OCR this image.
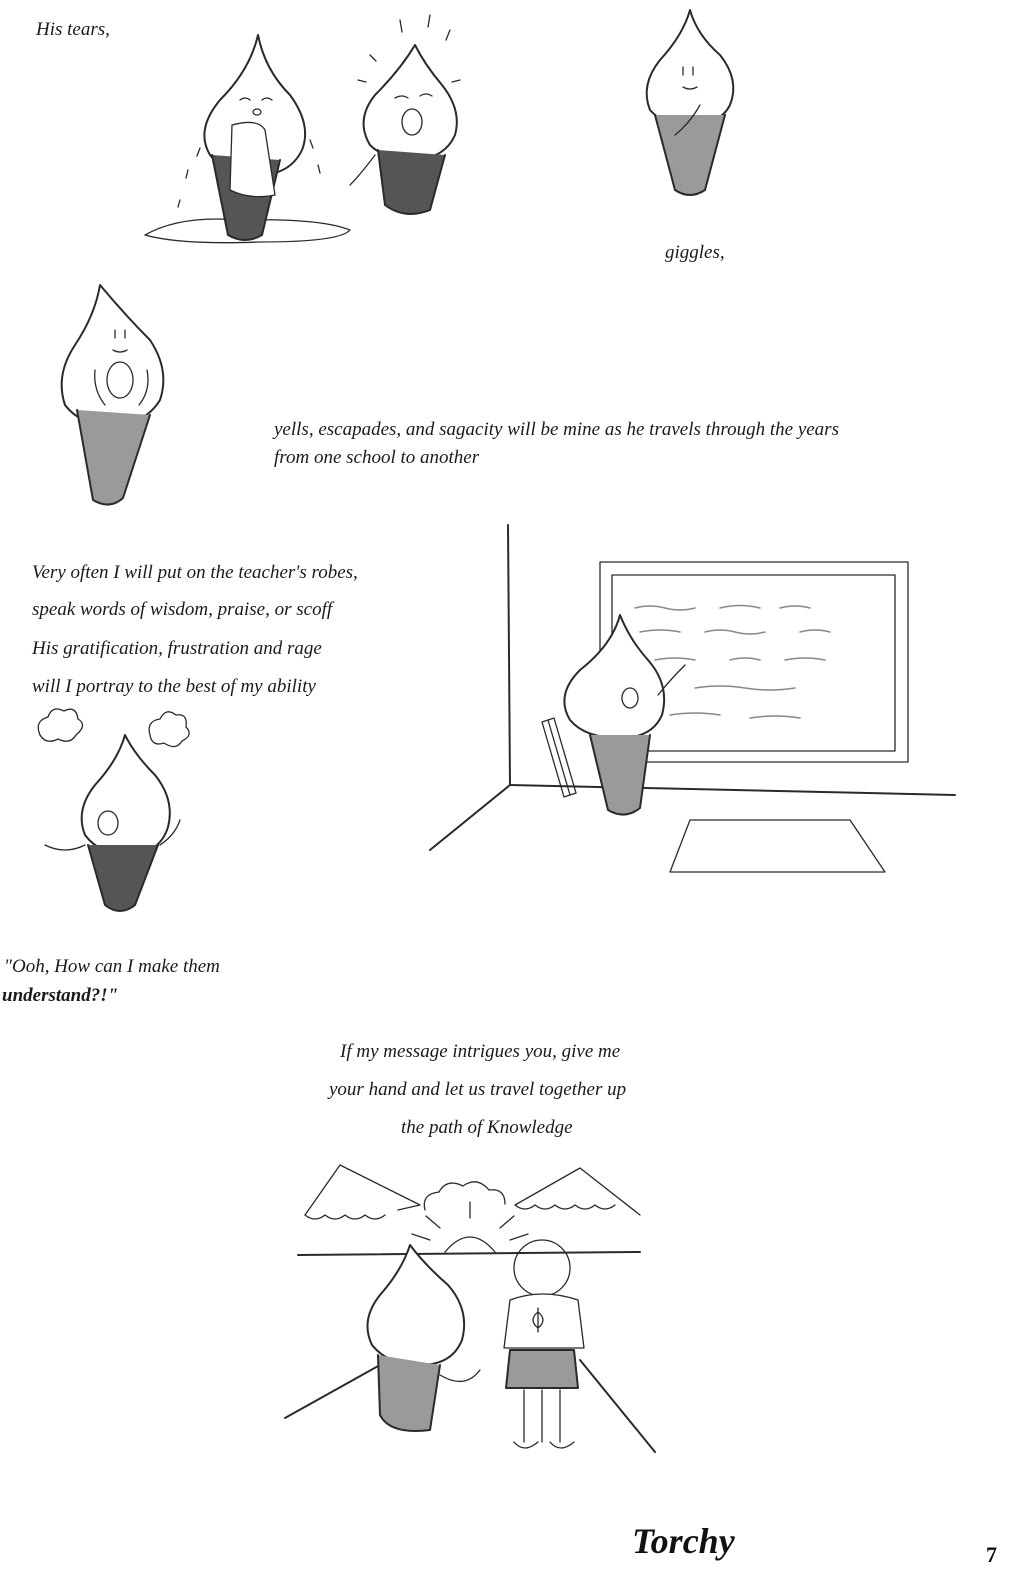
His tears,
giggles,
yells, escapades, and sagacity will be mine as he travels through the years
from one school to another
Very often I will put on the teacher's robes,
speak words of wisdom, praise, or scoff
His gratification, frustration and rage
will I portray to the best of my ability
"Ooh, How can I make them
understand?!"
If my message intrigues you, give me
your hand and let us travel together up
the path of Knowledge
Torchy	7
